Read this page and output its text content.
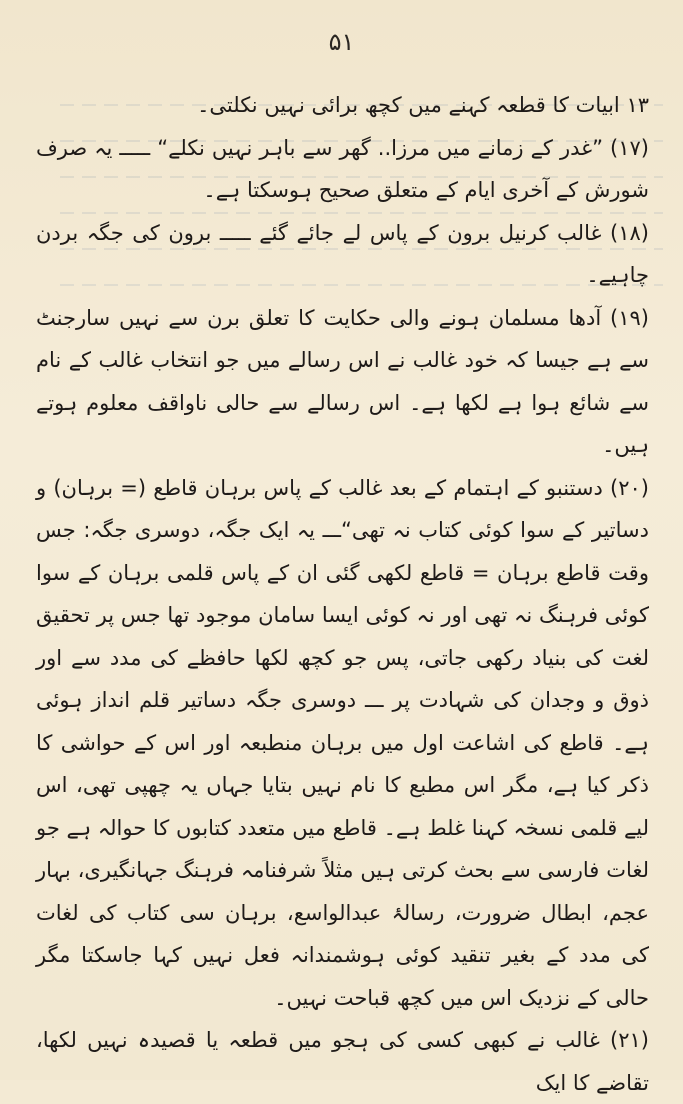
۵۱

۱۳ ابیات کا قطعہ کہنے میں کچھ برائی نہیں نکلتی۔

(۱۷) ”غدر کے زمانے میں مرزا.. گھر سے باہر نہیں نکلے“ ـــــ یہ صرف شورش کے آخری ایام کے متعلق صحیح ہوسکتا ہے۔

(۱۸) غالب کرنیل برون کے پاس لے جائے گئے ـــــ برون کی جگہ بردن چاہیے۔

(۱۹) آدھا مسلمان ہونے والی حکایت کا تعلق برن سے نہیں سارجنٹ سے ہے جیسا کہ خود غالب نے اس رسالے میں جو انتخاب غالب کے نام سے شائع ہوا ہے لکھا ہے۔ اس رسالے سے حالی ناواقف معلوم ہوتے ہیں۔

(۲۰) دستنبو کے اہتمام کے بعد غالب کے پاس برہان قاطع (= برہان) و دساتیر کے سوا کوئی کتاب نہ تھی“ـــ یہ ایک جگہ، دوسری جگہ: جس وقت قاطع برہان = قاطع لکھی گئی ان کے پاس قلمی برہان کے سوا کوئی فرہنگ نہ تھی اور نہ کوئی ایسا سامان موجود تھا جس پر تحقیق لغت کی بنیاد رکھی جاتی، پس جو کچھ لکھا حافظے کی مدد سے اور ذوق و وجدان کی شہادت پر ـــ دوسری جگہ دساتیر قلم انداز ہوئی ہے۔ قاطع کی اشاعت اول میں برہان منطبعہ اور اس کے حواشی کا ذکر کیا ہے، مگر اس مطبع کا نام نہیں بتایا جہاں یہ چھپی تھی، اس لیے قلمی نسخہ کہنا غلط ہے۔ قاطع میں متعدد کتابوں کا حوالہ ہے جو لغات فارسی سے بحث کرتی ہیں مثلاً شرفنامہ فرہنگ جہانگیری، بہار عجم، ابطال ضرورت، رسالۂ عبدالواسع، برہان سی کتاب کی لغات کی مدد کے بغیر تنقید کوئی ہوشمندانہ فعل نہیں کہا جاسکتا مگر حالی کے نزدیک اس میں کچھ قباحت نہیں۔

(۲۱) غالب نے کبھی کسی کی ہجو میں قطعہ یا قصیدہ نہیں لکھا، تقاضے کا ایک
